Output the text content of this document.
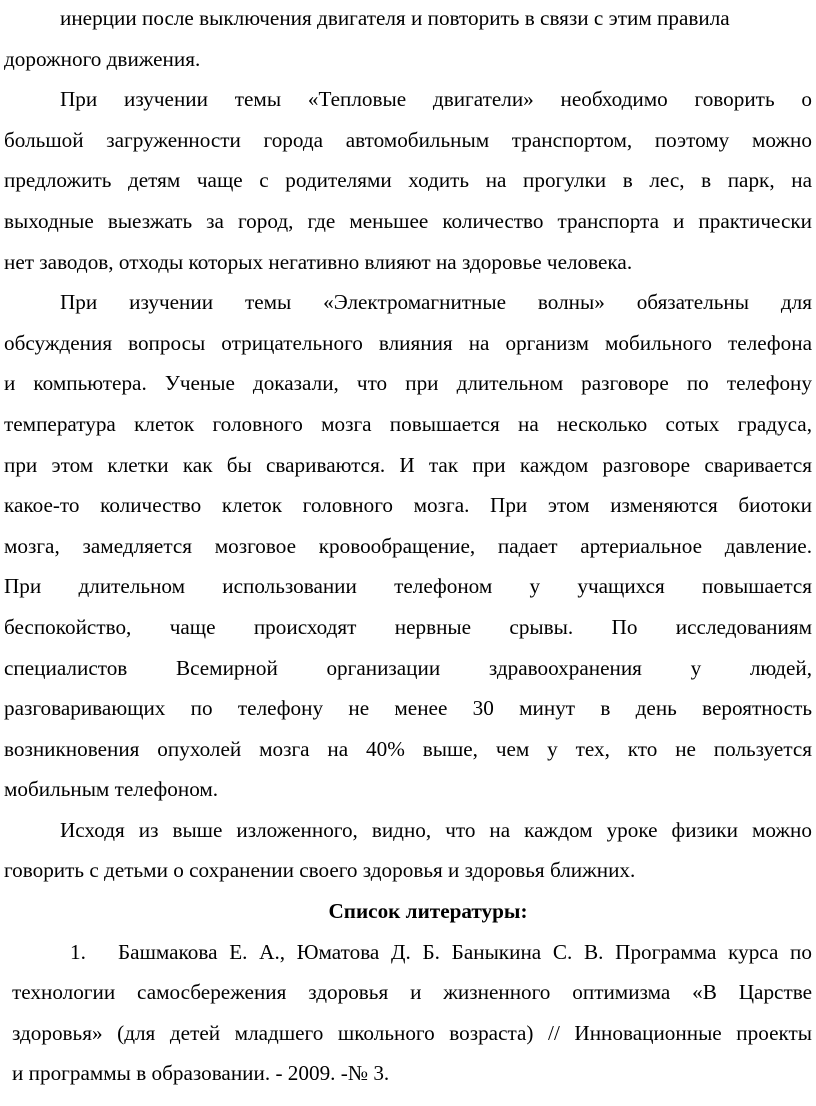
инерции после выключения двигателя и повторить в связи с этим правила
дорожного движения.
При изучении темы «Тепловые двигатели» необходимо говорить о
большой загруженности города автомобильным транспортом, поэтому можно
предложить детям чаще с родителями ходить на прогулки в лес, в парк, на
выходные выезжать за город, где меньшее количество транспорта и практически
нет заводов, отходы которых негативно влияют на здоровье человека.
При изучении темы «Электромагнитные волны» обязательны для
обсуждения вопросы отрицательного влияния на организм мобильного телефона
и компьютера. Ученые доказали, что при длительном разговоре по телефону
температура клеток головного мозга повышается на несколько сотых градуса,
при этом клетки как бы свариваются. И так при каждом разговоре сваривается
какое-то количество клеток головного мозга. При этом изменяются биотоки
мозга, замедляется мозговое кровообращение, падает артериальное давление.
При длительном использовании телефоном у учащихся повышается
беспокойство, чаще происходят нервные срывы. По исследованиям
специалистов Всемирной организации здравоохранения у людей,
разговаривающих по телефону не менее 30 минут в день вероятность
возникновения опухолей мозга на 40% выше, чем у тех, кто не пользуется
мобильным телефоном.
Исходя из выше изложенного, видно, что на каждом уроке физики можно
говорить с детьми о сохранении своего здоровья и здоровья ближних.
Список литературы:
1.	Башмакова Е. А., Юматова Д. Б. Баныкина С. В. Программа курса по
технологии самосбережения здоровья и жизненного оптимизма «В Царстве
здоровья» (для детей младшего школьного возраста) // Инновационные проекты
и программы в образовании. - 2009. -№ 3.
